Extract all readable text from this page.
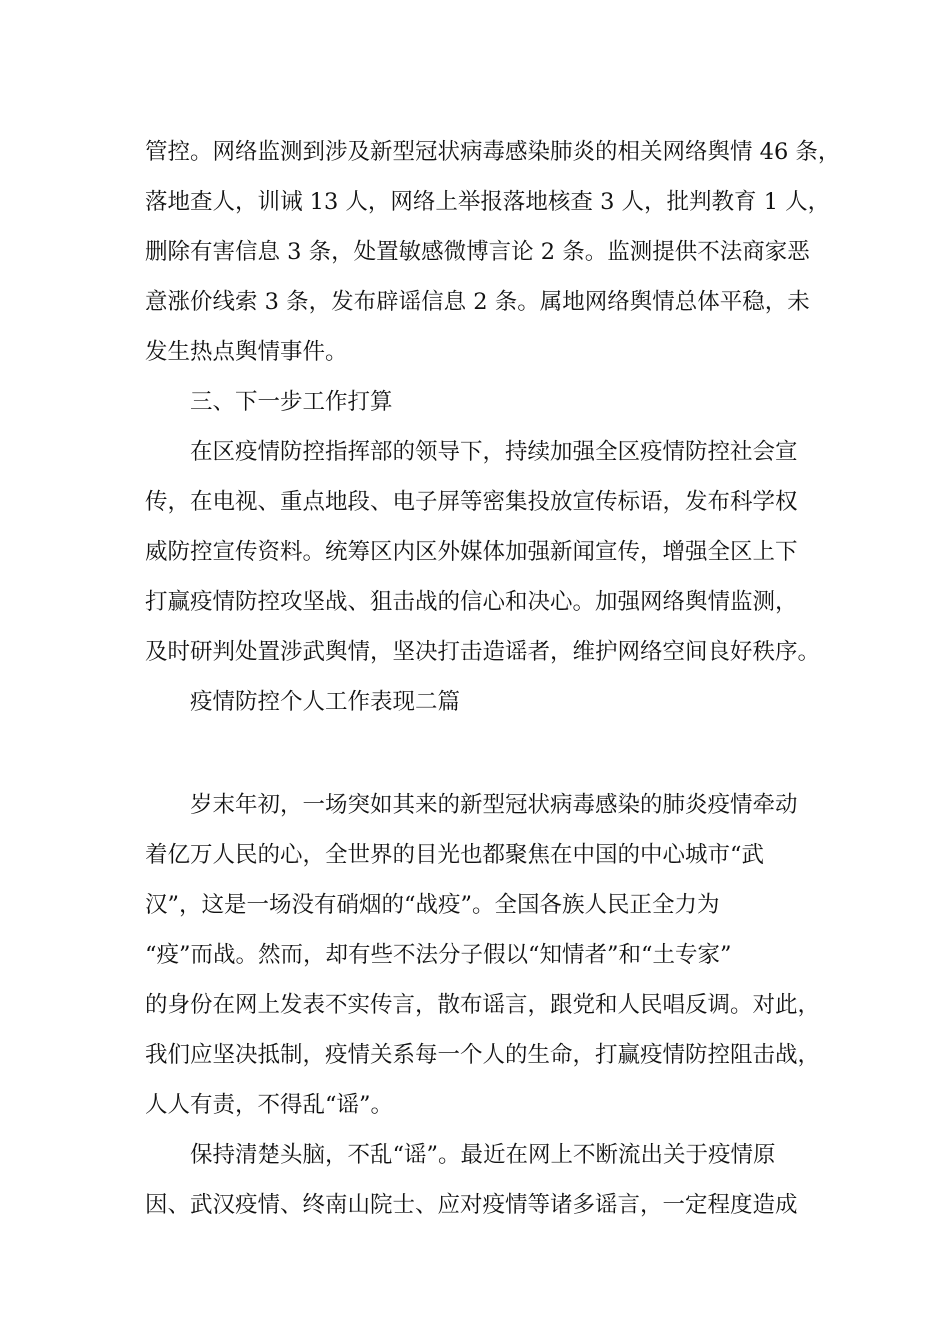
管控。网络监测到涉及新型冠状病毒感染肺炎的相关网络舆情 46 条，

落地查人，训诫 13 人，网络上举报落地核查 3 人，批判教育 1 人，

删除有害信息 3 条，处置敏感微博言论 2 条。监测提供不法商家恶

意涨价线索 3 条，发布辟谣信息 2 条。属地网络舆情总体平稳，未

发生热点舆情事件。

三、下一步工作打算

在区疫情防控指挥部的领导下，持续加强全区疫情防控社会宣

传，在电视、重点地段、电子屏等密集投放宣传标语，发布科学权

威防控宣传资料。统筹区内区外媒体加强新闻宣传，增强全区上下

打赢疫情防控攻坚战、狙击战的信心和决心。加强网络舆情监测，

及时研判处置涉武舆情，坚决打击造谣者，维护网络空间良好秩序。

疫情防控个人工作表现二篇

岁末年初，一场突如其来的新型冠状病毒感染的肺炎疫情牵动

着亿万人民的心，全世界的目光也都聚焦在中国的中心城市“武

汉”，这是一场没有硝烟的“战疫”。全国各族人民正全力为

“疫”而战。然而，却有些不法分子假以“知情者”和“土专家”

的身份在网上发表不实传言，散布谣言，跟党和人民唱反调。对此，

我们应坚决抵制，疫情关系每一个人的生命，打赢疫情防控阻击战，

人人有责，不得乱“谣”。

保持清楚头脑，不乱“谣”。最近在网上不断流出关于疫情原

因、武汉疫情、终南山院士、应对疫情等诸多谣言，一定程度造成
